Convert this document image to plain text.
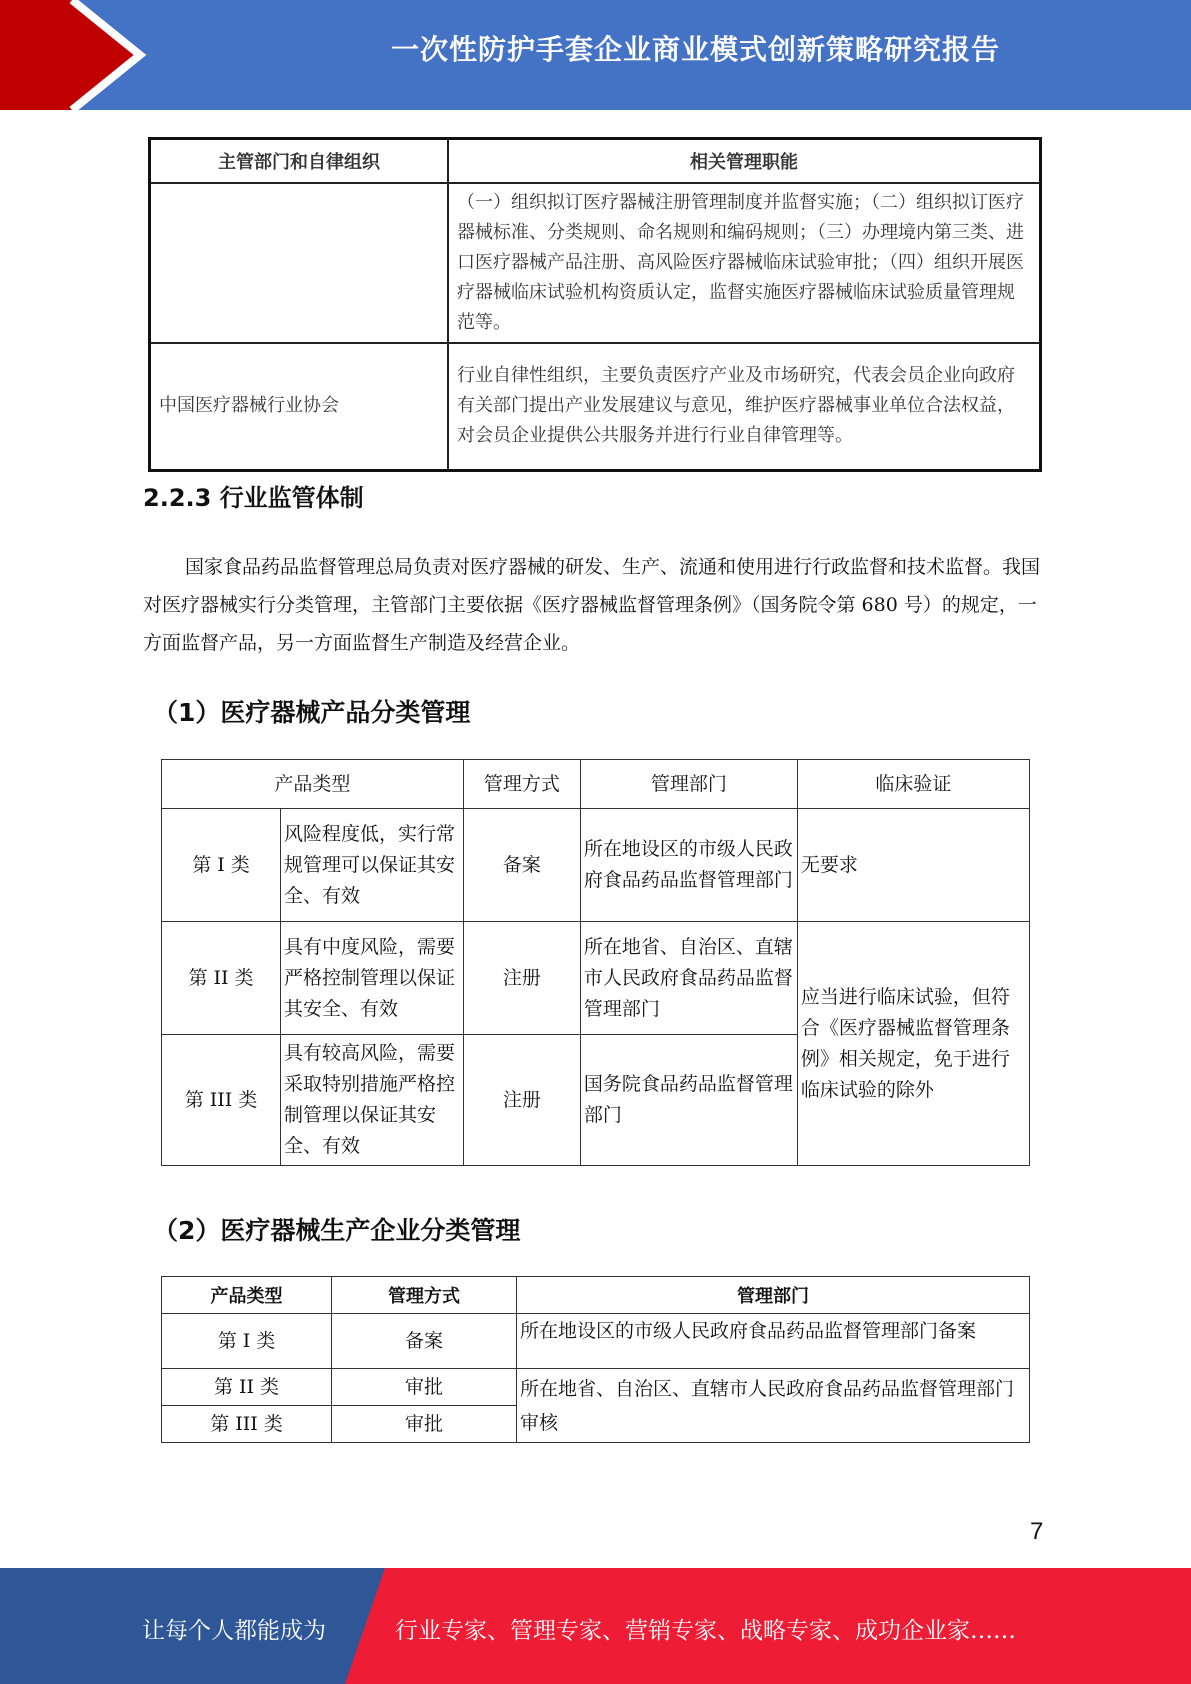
一次性防护手套企业商业模式创新策略研究报告
主管部门和自律组织	相关管理职能
	（一）组织拟订医疗器械注册管理制度并监督实施；（二）组织拟订医疗器械标准、分类规则、命名规则和编码规则；（三）办理境内第三类、进口医疗器械产品注册、高风险医疗器械临床试验审批；（四）组织开展医疗器械临床试验机构资质认定，监督实施医疗器械临床试验质量管理规范等。
中国医疗器械行业协会	行业自律性组织，主要负责医疗产业及市场研究，代表会员企业向政府有关部门提出产业发展建议与意见，维护医疗器械事业单位合法权益，对会员企业提供公共服务并进行行业自律管理等。
2.2.3 行业监管体制
国家食品药品监督管理总局负责对医疗器械的研发、生产、流通和使用进行行政监督和技术监督。我国对医疗器械实行分类管理，主管部门主要依据《医疗器械监督管理条例》（国务院令第 680 号）的规定，一方面监督产品，另一方面监督生产制造及经营企业。
（1）医疗器械产品分类管理
产品类型		管理方式	管理部门	临床验证
第 I 类	风险程度低，实行常规管理可以保证其安全、有效	备案	所在地设区的市级人民政府食品药品监督管理部门	无要求
第 II 类	具有中度风险，需要严格控制管理以保证其安全、有效	注册	所在地省、自治区、直辖市人民政府食品药品监督管理部门	应当进行临床试验，但符合《医疗器械监督管理条例》相关规定，免于进行临床试验的除外
第 III 类	具有较高风险，需要采取特别措施严格控制管理以保证其安全、有效	注册	国务院食品药品监督管理部门	
（2）医疗器械生产企业分类管理
产品类型	管理方式	管理部门
第 I 类	备案	所在地设区的市级人民政府食品药品监督管理部门备案
第 II 类	审批	所在地省、自治区、直辖市人民政府食品药品监督管理部门审核
第 III 类	审批	
7
让每个人都能成为	行业专家、管理专家、营销专家、战略专家、成功企业家……
